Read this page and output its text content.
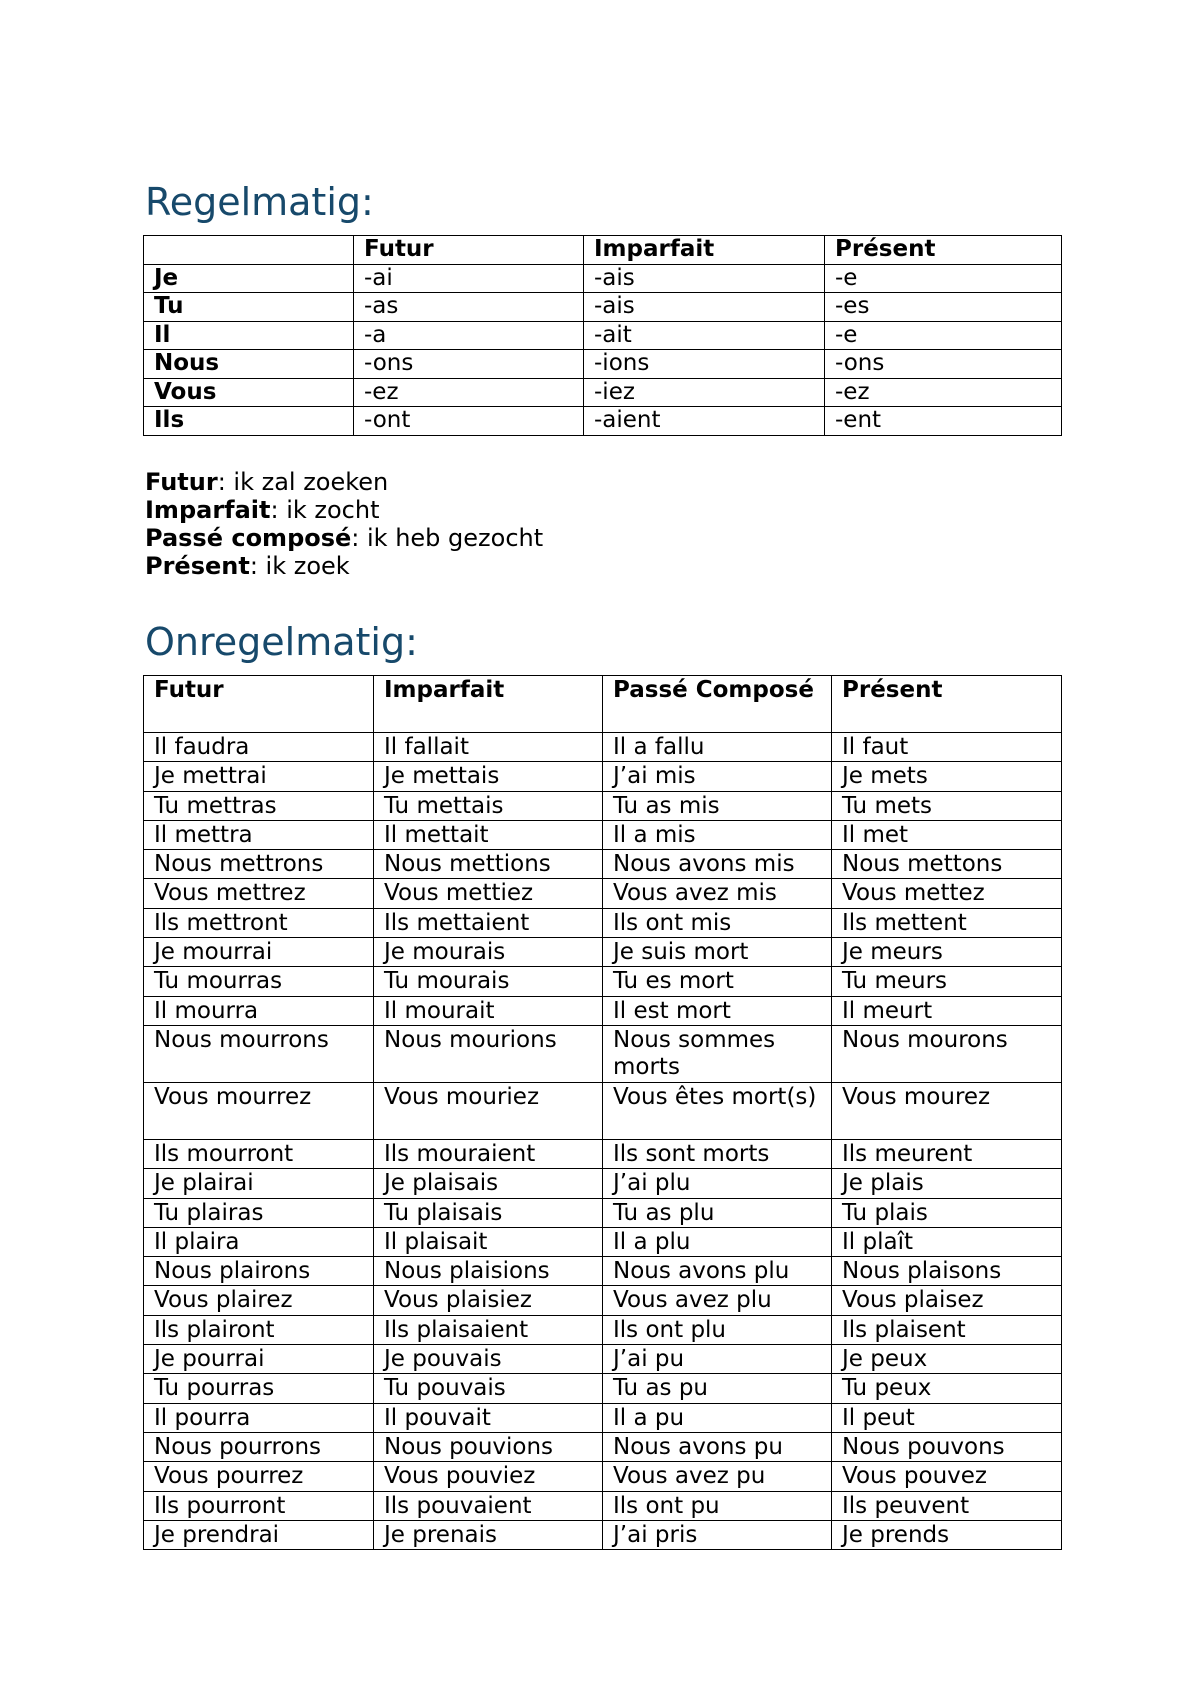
Regelmatig:
	Futur	Imparfait	Présent
Je	-ai	-ais	-e
Tu	-as	-ais	-es
Il	-a	-ait	-e
Nous	-ons	-ions	-ons
Vous	-ez	-iez	-ez
Ils	-ont	-aient	-ent
Futur: ik zal zoeken
Imparfait: ik zocht
Passé composé: ik heb gezocht
Présent: ik zoek
Onregelmatig:
Futur	Imparfait	Passé Composé	Présent
Il faudra	Il fallait	Il a fallu	Il faut
Je mettrai	Je mettais	J’ai mis	Je mets
Tu mettras	Tu mettais	Tu as mis	Tu mets
Il mettra	Il mettait	Il a mis	Il met
Nous mettrons	Nous mettions	Nous avons mis	Nous mettons
Vous mettrez	Vous mettiez	Vous avez mis	Vous mettez
Ils mettront	Ils mettaient	Ils ont mis	Ils mettent
Je mourrai	Je mourais	Je suis mort	Je meurs
Tu mourras	Tu mourais	Tu es mort	Tu meurs
Il mourra	Il mourait	Il est mort	Il meurt
Nous mourrons	Nous mourions	Nous sommes morts	Nous mourons
Vous mourrez	Vous mouriez	Vous êtes mort(s)	Vous mourez
Ils mourront	Ils mouraient	Ils sont morts	Ils meurent
Je plairai	Je plaisais	J’ai plu	Je plais
Tu plairas	Tu plaisais	Tu as plu	Tu plais
Il plaira	Il plaisait	Il a plu	Il plaît
Nous plairons	Nous plaisions	Nous avons plu	Nous plaisons
Vous plairez	Vous plaisiez	Vous avez plu	Vous plaisez
Ils plairont	Ils plaisaient	Ils ont plu	Ils plaisent
Je pourrai	Je pouvais	J’ai pu	Je peux
Tu pourras	Tu pouvais	Tu as pu	Tu peux
Il pourra	Il pouvait	Il a pu	Il peut
Nous pourrons	Nous pouvions	Nous avons pu	Nous pouvons
Vous pourrez	Vous pouviez	Vous avez pu	Vous pouvez
Ils pourront	Ils pouvaient	Ils ont pu	Ils peuvent
Je prendrai	Je prenais	J’ai pris	Je prends
